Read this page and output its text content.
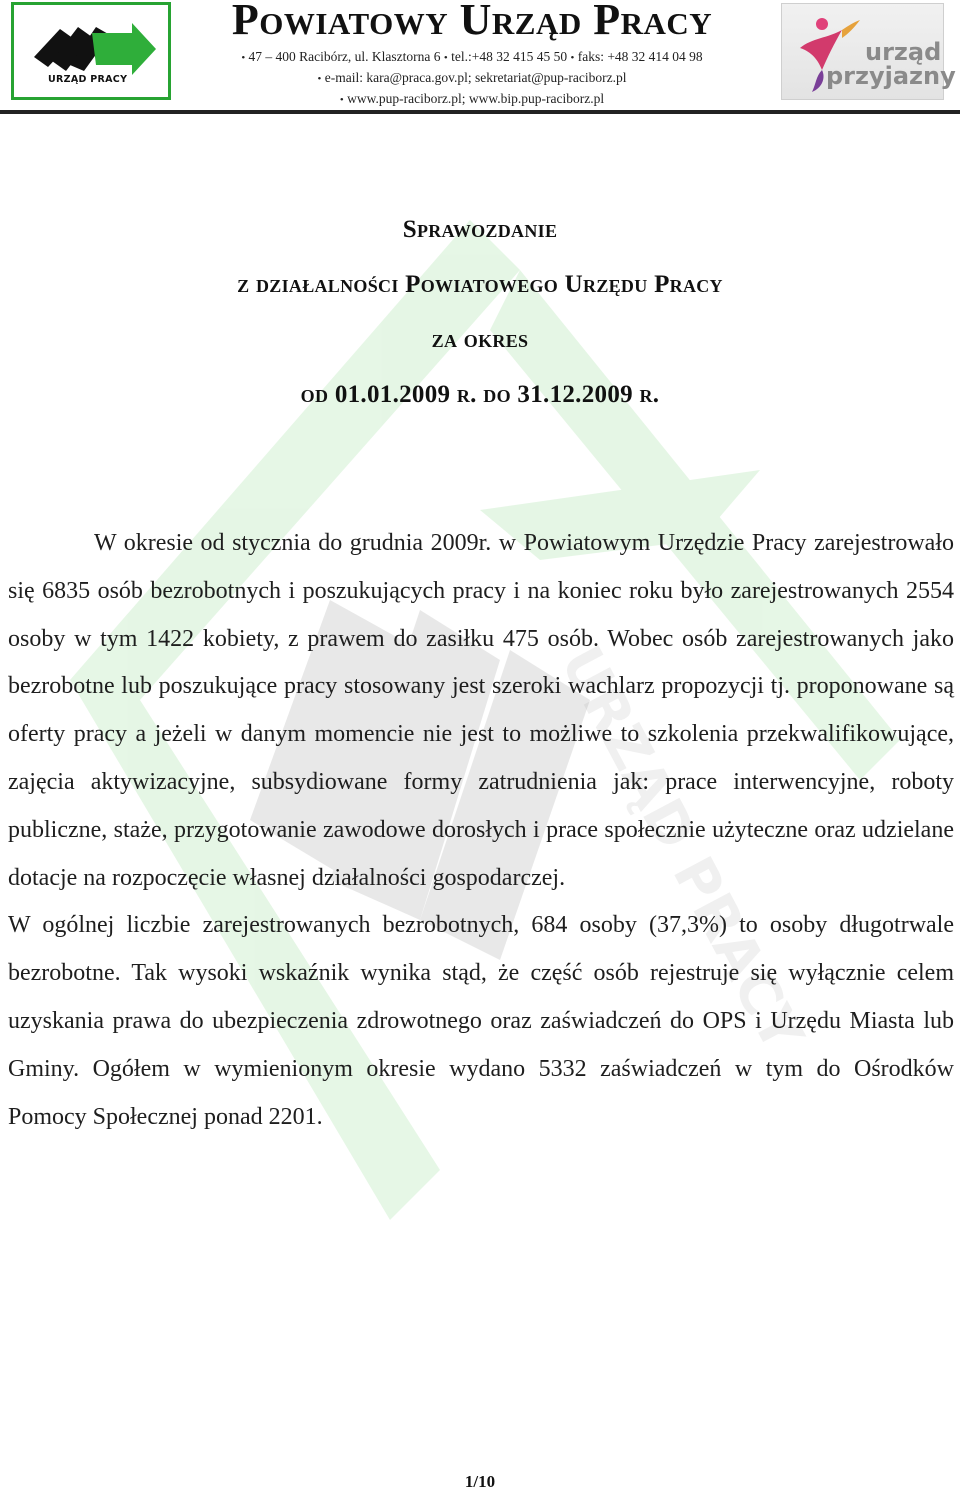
URZĄD PRACY
Powiatowy Urząd Pracy
• 47 – 400 Racibórz, ul. Klasztorna 6 • tel.:+48 32 415 45 50 • faks: +48 32 414 04 98
• e-mail: kara@praca.gov.pl; sekretariat@pup-raciborz.pl
• www.pup-raciborz.pl; www.bip.pup-raciborz.pl
urząd
przyjazny
URZĄD PRACY
Sprawozdanie
z działalności Powiatowego Urzędu Pracy
za okres
od 01.01.2009 r. do 31.12.2009 r.

W okresie od stycznia do grudnia 2009r. w Powiatowym Urzędzie Pracy zarejestrowało się 6835 osób bezrobotnych i poszukujących pracy i na koniec roku było zarejestrowanych 2554 osoby w tym 1422 kobiety, z prawem do zasiłku 475 osób. Wobec osób zarejestrowanych jako bezrobotne lub poszukujące pracy stosowany jest szeroki wachlarz propozycji tj. proponowane są oferty pracy a jeżeli w danym momencie nie jest to możliwe to szkolenia przekwalifikowujące, zajęcia aktywizacyjne, subsydiowane formy zatrudnienia jak: prace interwencyjne, roboty publiczne, staże, przygotowanie zawodowe dorosłych i prace społecznie użyteczne oraz udzielane dotacje na rozpoczęcie własnej działalności gospodarczej.

W ogólnej liczbie zarejestrowanych bezrobotnych, 684 osoby (37,3%) to osoby długotrwale bezrobotne. Tak wysoki wskaźnik wynika stąd, że część osób rejestruje się wyłącznie celem uzyskania prawa do ubezpieczenia zdrowotnego oraz zaświadczeń do OPS i Urzędu Miasta lub Gminy. Ogółem w wymienionym okresie wydano 5332 zaświadczeń w tym do Ośrodków Pomocy Społecznej ponad 2201.

1/10
